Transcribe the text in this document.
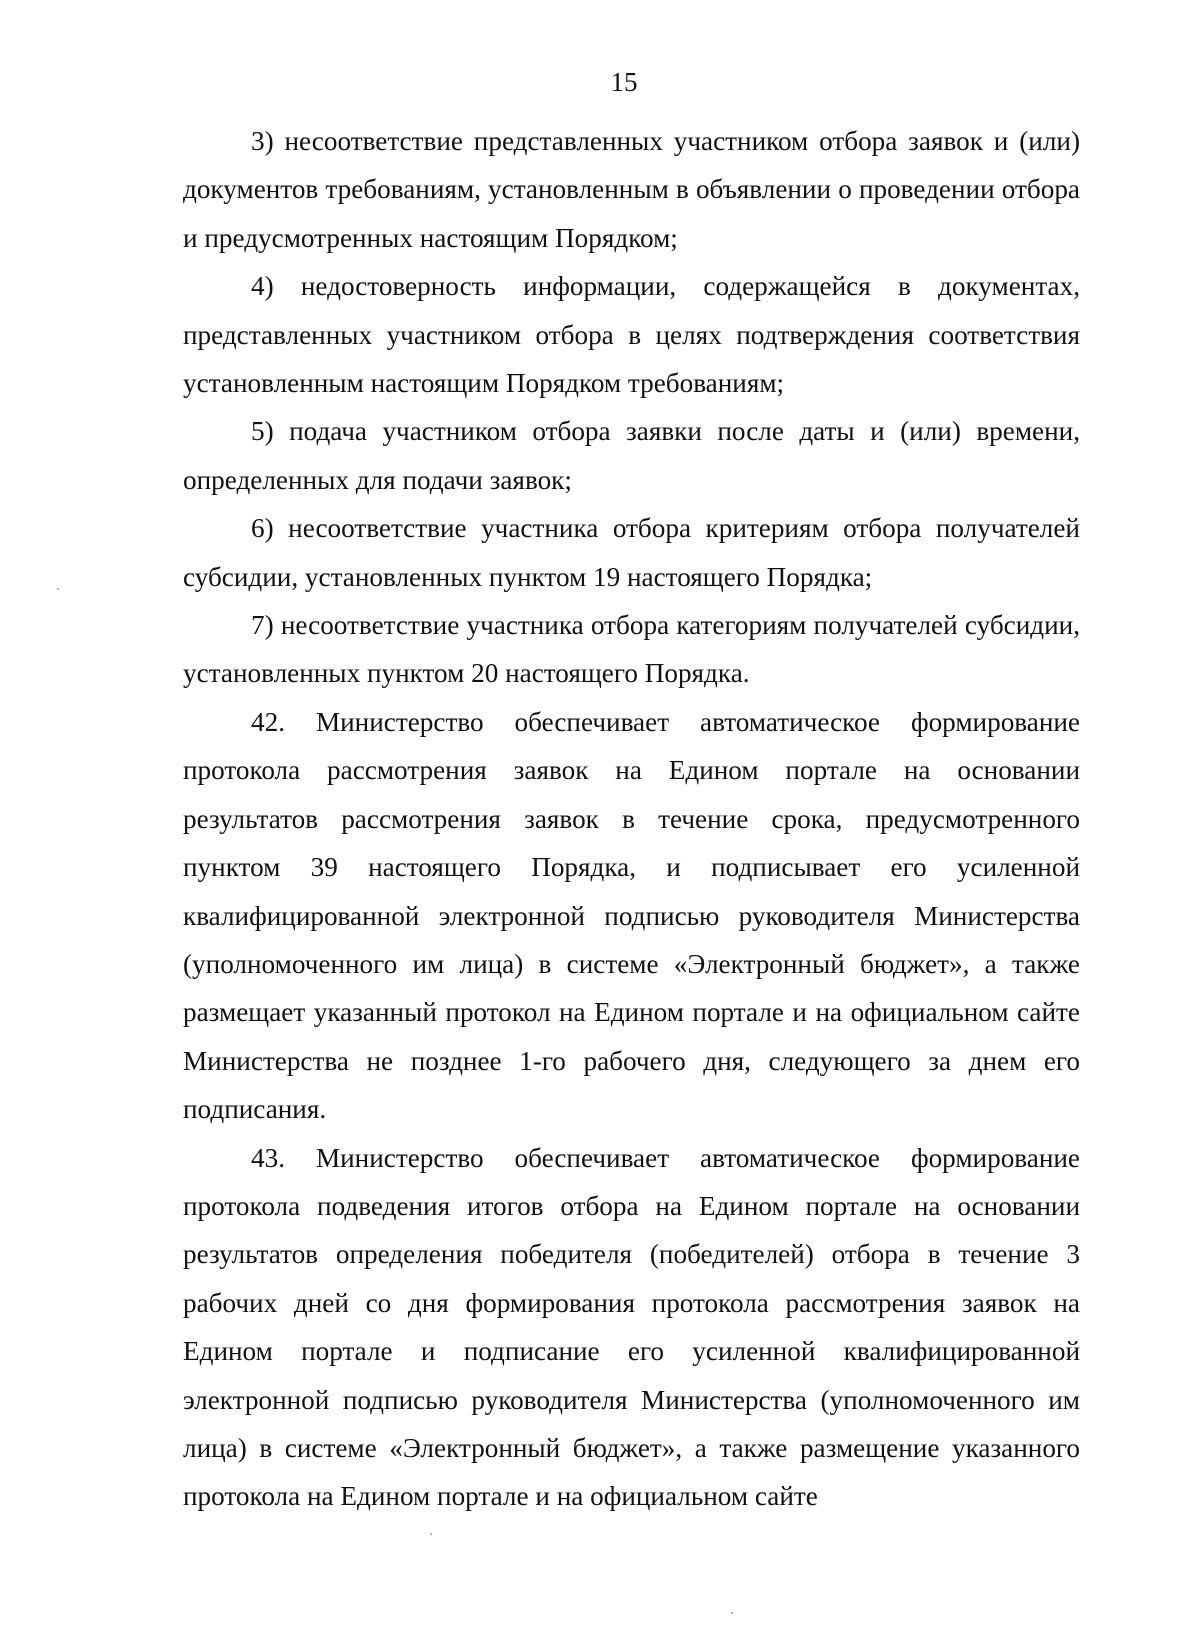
15

3) несоответствие представленных участником отбора заявок и (или) документов требованиям, установленным в объявлении о проведении отбора и предусмотренных настоящим Порядком;

4) недостоверность информации, содержащейся в документах, представленных участником отбора в целях подтверждения соответствия установленным настоящим Порядком требованиям;

5) подача участником отбора заявки после даты и (или) времени, определенных для подачи заявок;

6) несоответствие участника отбора критериям отбора получателей субсидии, установленных пунктом 19 настоящего Порядка;

7) несоответствие участника отбора категориям получателей субсидии, установленных пунктом 20 настоящего Порядка.

42. Министерство обеспечивает автоматическое формирование протокола рассмотрения заявок на Едином портале на основании результатов рассмотрения заявок в течение срока, предусмотренного пунктом 39 настоящего Порядка, и подписывает его усиленной квалифицированной электронной подписью руководителя Министерства (уполномоченного им лица) в системе «Электронный бюджет», а также размещает указанный протокол на Едином портале и на официальном сайте Министерства не позднее 1-го рабочего дня, следующего за днем его подписания.

43. Министерство обеспечивает автоматическое формирование протокола подведения итогов отбора на Едином портале на основании результатов определения победителя (победителей) отбора в течение 3 рабочих дней со дня формирования протокола рассмотрения заявок на Едином портале и подписание его усиленной квалифицированной электронной подписью руководителя Министерства (уполномоченного им лица) в системе «Электронный бюджет», а также размещение указанного протокола на Едином портале и на официальном сайте
